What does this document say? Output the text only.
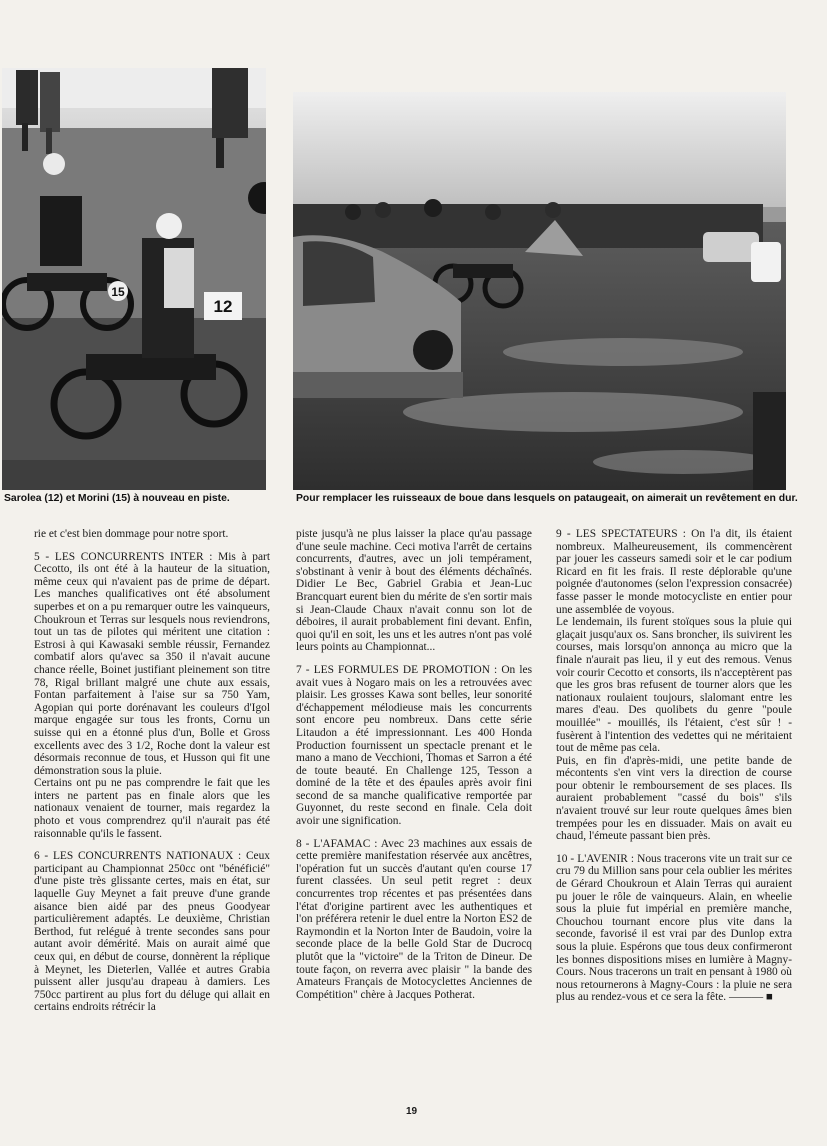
15
12
Sarolea (12) et Morini (15) à nouveau en piste.	Pour remplacer les ruisseaux de boue dans lesquels on pataugeait, on aimerait un revêtement en dur.

rie et c'est bien dommage pour notre sport.

5 - LES CONCURRENTS INTER : Mis à part Cecotto, ils ont été à la hauteur de la situation, même ceux qui n'avaient pas de prime de départ. Les manches qualificatives ont été absolument superbes et on a pu remarquer outre les vainqueurs, Choukroun et Terras sur lesquels nous reviendrons, tout un tas de pilotes qui méritent une citation : Estrosi à qui Kawasaki semble réussir, Fernandez combatif alors qu'avec sa 350 il n'avait aucune chance réelle, Boinet justifiant pleinement son titre 78, Rigal brillant malgré une chute aux essais, Fontan parfaitement à l'aise sur sa 750 Yam, Agopian qui porte dorénavant les couleurs d'Igol marque engagée sur tous les fronts, Cornu un suisse qui en a étonné plus d'un, Bolle et Gross excellents avec des 3 1/2, Roche dont la valeur est désormais reconnue de tous, et Husson qui fit une démonstration sous la pluie.

Certains ont pu ne pas comprendre le fait que les inters ne partent pas en finale alors que les nationaux venaient de tourner, mais regardez la photo et vous comprendrez qu'il n'aurait pas été raisonnable qu'ils le fassent.

6 - LES CONCURRENTS NATIONAUX : Ceux participant au Championnat 250cc ont "bénéficié" d'une piste très glissante certes, mais en état, sur laquelle Guy Meynet a fait preuve d'une grande aisance bien aidé par des pneus Goodyear particulièrement adaptés. Le deuxième, Christian Berthod, fut relégué à trente secondes sans pour autant avoir démérité. Mais on aurait aimé que ceux qui, en début de course, donnèrent la réplique à Meynet, les Dieterlen, Vallée et autres Grabia puissent aller jusqu'au drapeau à damiers. Les 750cc partirent au plus fort du déluge qui allait en certains endroits rétrécir la

piste jusqu'à ne plus laisser la place qu'au passage d'une seule machine. Ceci motiva l'arrêt de certains concurrents, d'autres, avec un joli tempérament, s'obstinant à venir à bout des éléments déchaînés. Didier Le Bec, Gabriel Grabia et Jean-Luc Brancquart eurent bien du mérite de s'en sortir mais si Jean-Claude Chaux n'avait connu son lot de déboires, il aurait probablement fini devant. Enfin, quoi qu'il en soit, les uns et les autres n'ont pas volé leurs points au Championnat...

7 - LES FORMULES DE PROMOTION : On les avait vues à Nogaro mais on les a retrouvées avec plaisir. Les grosses Kawa sont belles, leur sonorité d'échappement mélodieuse mais les concurrents sont encore peu nombreux. Dans cette série Litaudon a été impressionnant. Les 400 Honda Production fournissent un spectacle prenant et le mano a mano de Vecchioni, Thomas et Sarron a été de toute beauté. En Challenge 125, Tesson a dominé de la tête et des épaules après avoir fini second de sa manche qualificative remportée par Guyonnet, du reste second en finale. Cela doit avoir une signification.

8 - L'AFAMAC : Avec 23 machines aux essais de cette première manifestation réservée aux ancêtres, l'opération fut un succès d'autant qu'en course 17 furent classées. Un seul petit regret : deux concurrentes trop récentes et pas présentées dans l'état d'origine partirent avec les authentiques et l'on préférera retenir le duel entre la Norton ES2 de Raymondin et la Norton Inter de Baudoin, voire la seconde place de la belle Gold Star de Ducrocq plutôt que la "victoire" de la Triton de Dineur. De toute façon, on reverra avec plaisir " la bande des Amateurs Français de Motocyclettes Anciennes de Compétition" chère à Jacques Potherat.

9 - LES SPECTATEURS : On l'a dit, ils étaient nombreux. Malheureusement, ils commencèrent par jouer les casseurs samedi soir et le car podium Ricard en fit les frais. Il reste déplorable qu'une poignée d'autonomes (selon l'expression consacrée) fasse passer le monde motocycliste en entier pour une assemblée de voyous.

Le lendemain, ils furent stoïques sous la pluie qui glaçait jusqu'aux os. Sans broncher, ils suivirent les courses, mais lorsqu'on annonça au micro que la finale n'aurait pas lieu, il y eut des remous. Venus voir courir Cecotto et consorts, ils n'acceptèrent pas que les gros bras refusent de tourner alors que les nationaux roulaient toujours, slalomant entre les mares d'eau. Des quolibets du genre "poule mouillée" - mouillés, ils l'étaient, c'est sûr ! - fusèrent à l'intention des vedettes qui ne méritaient tout de même pas cela.

Puis, en fin d'après-midi, une petite bande de mécontents s'en vint vers la direction de course pour obtenir le remboursement de ses places. Ils auraient probablement "cassé du bois" s'ils n'avaient trouvé sur leur route quelques âmes bien trempées pour les en dissuader. Mais on avait eu chaud, l'émeute passant bien près.

10 - L'AVENIR : Nous tracerons vite un trait sur ce cru 79 du Million sans pour cela oublier les mérites de Gérard Choukroun et Alain Terras qui auraient pu jouer le rôle de vainqueurs. Alain, en wheelie sous la pluie fut impérial en première manche, Chouchou tournant encore plus vite dans la seconde, favorisé il est vrai par des Dunlop extra sous la pluie. Espérons que tous deux confirmeront les bonnes dispositions mises en lumière à Magny-Cours. Nous tracerons un trait en pensant à 1980 où nous retournerons à Magny-Cours : la pluie ne sera plus au rendez-vous et ce sera la fête. ——— ■

19
